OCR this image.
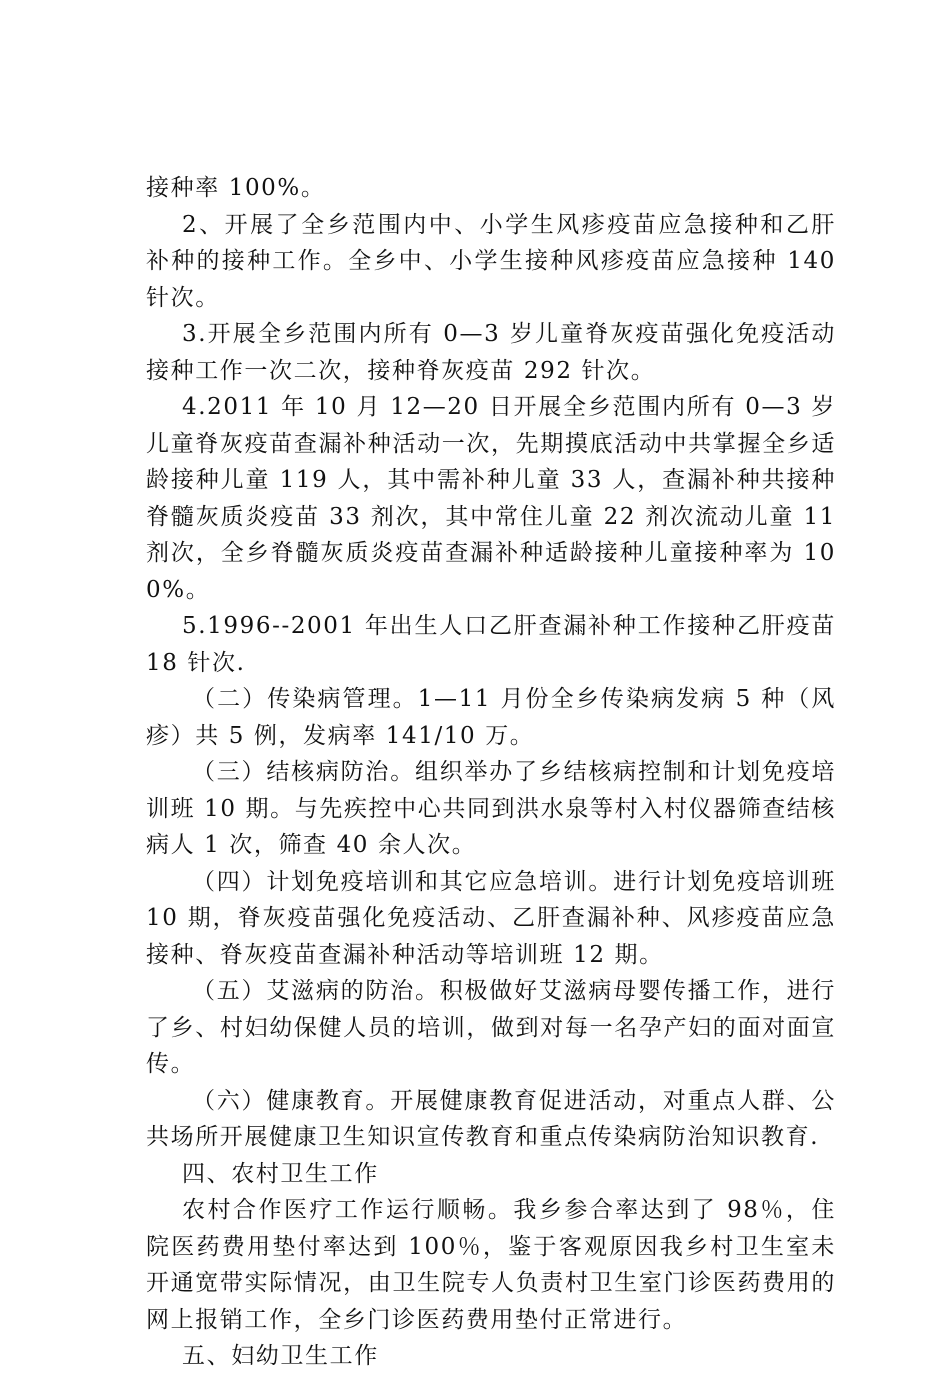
接种率 100%。

2、开展了全乡范围内中、小学生风疹疫苗应急接种和乙肝补种的接种工作。全乡中、小学生接种风疹疫苗应急接种 140 针次。

3.开展全乡范围内所有 0—3 岁儿童脊灰疫苗强化免疫活动接种工作一次二次，接种脊灰疫苗 292 针次。

4.2011 年 10 月 12—20 日开展全乡范围内所有 0—3 岁儿童脊灰疫苗查漏补种活动一次，先期摸底活动中共掌握全乡适龄接种儿童 119 人，其中需补种儿童 33 人，查漏补种共接种脊髓灰质炎疫苗 33 剂次，其中常住儿童 22 剂次流动儿童 11 剂次，全乡脊髓灰质炎疫苗查漏补种适龄接种儿童接种率为 100%。

5.1996--2001 年出生人口乙肝查漏补种工作接种乙肝疫苗 18 针次.

（二）传染病管理。1—11 月份全乡传染病发病 5 种（风疹）共 5 例，发病率 141/10 万。

（三）结核病防治。组织举办了乡结核病控制和计划免疫培训班 10 期。与先疾控中心共同到洪水泉等村入村仪器筛查结核病人 1 次，筛查 40 余人次。

（四）计划免疫培训和其它应急培训。进行计划免疫培训班 10 期，脊灰疫苗强化免疫活动、乙肝查漏补种、风疹疫苗应急接种、脊灰疫苗查漏补种活动等培训班 12 期。

（五）艾滋病的防治。积极做好艾滋病母婴传播工作，进行了乡、村妇幼保健人员的培训，做到对每一名孕产妇的面对面宣传。

（六）健康教育。开展健康教育促进活动，对重点人群、公共场所开展健康卫生知识宣传教育和重点传染病防治知识教育.

四、农村卫生工作

农村合作医疗工作运行顺畅。我乡参合率达到了 98％，住院医药费用垫付率达到 100％，鉴于客观原因我乡村卫生室未开通宽带实际情况，由卫生院专人负责村卫生室门诊医药费用的网上报销工作，全乡门诊医药费用垫付正常进行。

五、妇幼卫生工作
